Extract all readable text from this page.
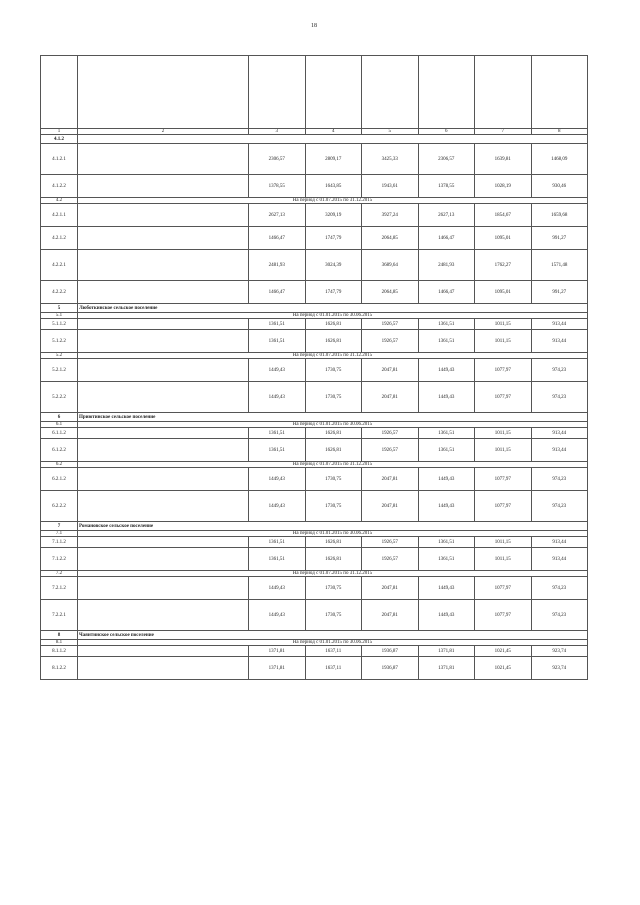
18

1	2	3	4	5	6	7	8
4.1.2							
4.1.2.1		2306,57	2809,17	3425,33	2306,57	1639,81	1468,09
4.1.2.2		1378,55	1643,85	1943,61	1378,55	1028,19	930,46
4.2	На период с 01.07.2015 по 31.12.2015						
4.2.1.1		2627,13	3209,19	3927,24	2627,13	1854,67	1659,68
4.2.1.2		1466,47	1747,79	2064,85	1466,47	1095,01	991,27
4.2.2.1		2481,93	3024,39	3689,64	2481,93	1762,27	1571,48
4.2.2.2		1466,47	1747,79	2064,85	1466,47	1095,01	991,27
5	Люботкинское сельское поселение						
5.1	На период с 01.01.2015 по 30.06.2015						
5.1.1.2		1361,51	1626,81	1926,57	1361,51	1011,15	913,44
5.1.2.2		1361,51	1626,81	1926,57	1361,51	1011,15	913,44
5.2	На период с 01.07.2015 по 31.12.2015						
5.2.1.2		1449,43	1730,75	2047,81	1449,43	1077,97	974,23
5.2.2.2		1449,43	1730,75	2047,81	1449,43	1077,97	974,23
6	Приютинское сельское поселение						
6.1	На период с 01.01.2015 по 30.06.2015						
6.1.1.2		1361,51	1626,81	1926,57	1361,51	1011,15	913,44
6.1.2.2		1361,51	1626,81	1926,57	1361,51	1011,15	913,44
6.2	На период с 01.07.2015 по 31.12.2015						
6.2.1.2		1449,43	1730,75	2047,81	1449,43	1077,97	974,23
6.2.2.2		1449,43	1730,75	2047,81	1449,43	1077,97	974,23
7	Романовское сельское поселение						
7.1	На период с 01.01.2015 по 30.06.2015						
7.1.1.2		1361,51	1626,81	1926,57	1361,51	1011,15	913,44
7.1.2.2		1361,51	1626,81	1926,57	1361,51	1011,15	913,44
7.2	На период с 01.07.2015 по 31.12.2015						
7.2.1.2		1449,43	1730,75	2047,81	1449,43	1077,97	974,23
7.2.2.1		1449,43	1730,75	2047,81	1449,43	1077,97	974,23
8	Чаянтинское сельское поселение						
8.1	На период с 01.01.2015 по 30.06.2015						
8.1.1.2		1371,81	1637,11	1936,87	1371,81	1021,45	923,74
8.1.2.2		1371,81	1637,11	1936,87	1371,81	1021,45	923,74
